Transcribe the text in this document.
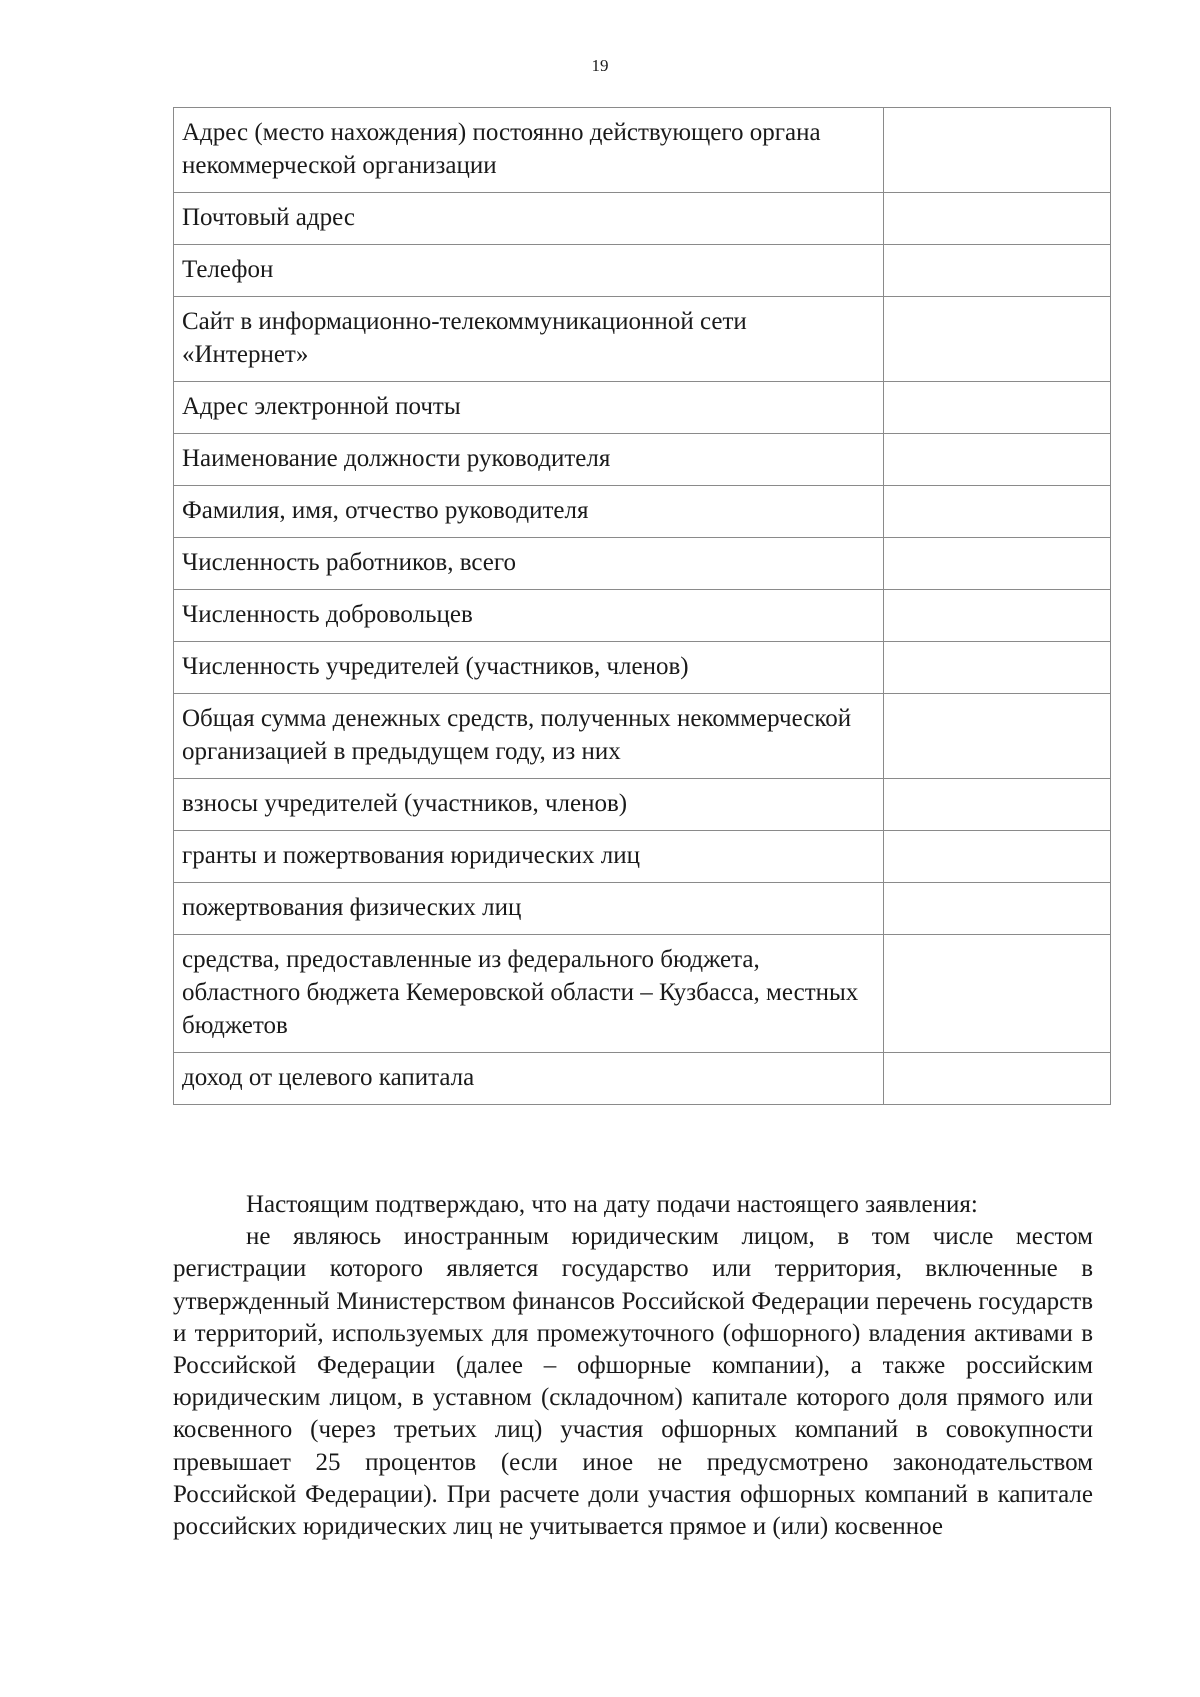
19
Адрес (место нахождения) постоянно действующего органа некоммерческой организации	
Почтовый адрес	
Телефон	
Сайт в информационно-телекоммуникационной сети «Интернет»	
Адрес электронной почты	
Наименование должности руководителя	
Фамилия, имя, отчество руководителя	
Численность работников, всего	
Численность добровольцев	
Численность учредителей (участников, членов)	
Общая сумма денежных средств, полученных некоммерческой организацией в предыдущем году, из них	
взносы учредителей (участников, членов)	
гранты и пожертвования юридических лиц	
пожертвования физических лиц	
средства, предоставленные из федерального бюджета, областного бюджета Кемеровской области – Кузбасса, местных бюджетов	
доход от целевого капитала	

Настоящим подтверждаю, что на дату подачи настоящего заявления:

не являюсь иностранным юридическим лицом, в том числе местом регистрации которого является государство или территория, включенные в утвержденный Министерством финансов Российской Федерации перечень государств и территорий, используемых для промежуточного (офшорного) владения активами в Российской Федерации (далее – офшорные компании), а также российским юридическим лицом, в уставном (складочном) капитале которого доля прямого или косвенного (через третьих лиц) участия офшорных компаний в совокупности превышает 25 процентов (если иное не предусмотрено законодательством Российской Федерации). При расчете доли участия офшорных компаний в капитале российских юридических лиц не учитывается прямое и (или) косвенное
